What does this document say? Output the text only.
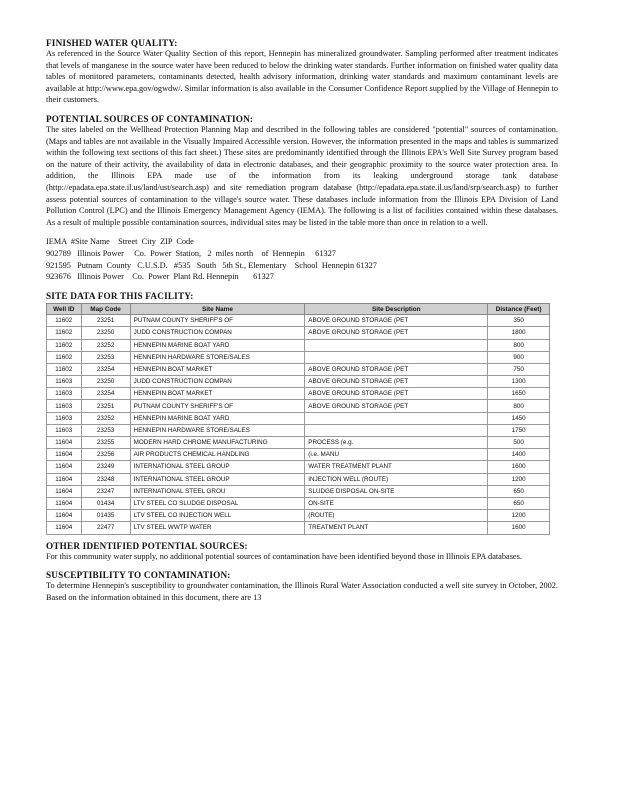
FINISHED WATER QUALITY:

As referenced in the Source Water Quality Section of this report, Hennepin has mineralized groundwater. Sampling performed after treatment indicates that levels of manganese in the source water have been reduced to below the drinking water standards. Further information on finished water quality data tables of monitored parameters, contaminants detected, health advisory information, drinking water standards and maximum contaminant levels are available at http://www.epa.gov/ogwdw/. Similar information is also available in the Consumer Confidence Report supplied by the Village of Hennepin to their customers.

POTENTIAL SOURCES OF CONTAMINATION:

The sites labeled on the Wellhead Protection Planning Map and described in the following tables are considered "potential" sources of contamination. (Maps and tables are not available in the Visually Impaired Accessible version. However, the information presented in the maps and tables is summarized within the following text sections of this fact sheet.) These sites are predominantly identified through the Illinois EPA's Well Site Survey program based on the nature of their activity, the availability of data in electronic databases, and their geographic proximity to the source water protection area. In addition, the Illinois EPA made use of the information from its leaking underground storage tank database (http://epadata.epa.state.il.us/land/ust/search.asp) and site remediation program database (http://epadata.epa.state.il.us/land/srp/search.asp) to further assess potential sources of contamination to the village's source water. These databases include information from the Illinois EPA Division of Land Pollution Control (LPC) and the Illinois Emergency Management Agency (IEMA). The following is a list of facilities contained within these databases. As a result of multiple possible contamination sources, individual sites may be listed in the table more than once in relation to a well.

IEMA  #Site Name    Street  City  ZIP  Code

902789   Illinois Power     Co.  Power  Station,   2  miles north    of  Hennepin     61327

921595   Putnam  County   C.U.S.D.   #535   South   5th St., Elementary    School  Hennepin 61327

923676   Illinois Power    Co.  Power  Plant Rd. Hennepin       61327

SITE DATA FOR THIS FACILITY:

Well ID	Map Code	Site Name	Site Description	Distance (Feet)
11602	23251	PUTNAM COUNTY SHERIFF'S OF	ABOVE GROUND STORAGE (PET	350
11602	23250	JUDD CONSTRUCTION COMPAN	ABOVE GROUND STORAGE (PET	1800
11602	23252	HENNEPIN MARINE BOAT YARD		800
11602	23253	HENNEPIN HARDWARE STORE/SALES		900
11602	23254	HENNEPIN BOAT MARKET	ABOVE GROUND STORAGE (PET	750
11603	23250	JUDD CONSTRUCTION COMPAN	ABOVE GROUND STORAGE (PET	1300
11603	23254	HENNEPIN BOAT MARKET	ABOVE GROUND STORAGE (PET	1650
11603	23251	PUTNAM COUNTY SHERIFF'S OF	ABOVE GROUND STORAGE (PET	800
11603	23252	HENNEPIN MARINE BOAT YARD		1450
11603	23253	HENNEPIN HARDWARE STORE/SALES		1750
11604	23255	MODERN HARD CHROME MANUFACTURING	PROCESS (e.g.	500
11604	23256	AIR PRODUCTS CHEMICAL HANDLING	(i.e. MANU	1400
11604	23249	INTERNATIONAL STEEL GROUP	WATER TREATMENT PLANT	1600
11604	23248	INTERNATIONAL STEEL GROUP	INJECTION WELL (ROUTE)	1200
11604	23247	INTERNATIONAL STEEL GROU	SLUDGE DISPOSAL ON-SITE	650
11604	01434	LTV STEEL CO SLUDGE DISPOSAL	ON-SITE	650
11604	01435	LTV STEEL CO INJECTION WELL	(ROUTE)	1200
11604	22477	LTV STEEL WWTP WATER	TREATMENT PLANT	1600

OTHER IDENTIFIED POTENTIAL SOURCES:

For this community water supply, no additional potential sources of contamination have been identified beyond those in Illinois EPA databases.

SUSCEPTIBILITY TO CONTAMINATION:

To determine Hennepin's susceptibility to groundwater contamination, the Illinois Rural Water Association conducted a well site survey in October, 2002. Based on the information obtained in this document, there are 13
